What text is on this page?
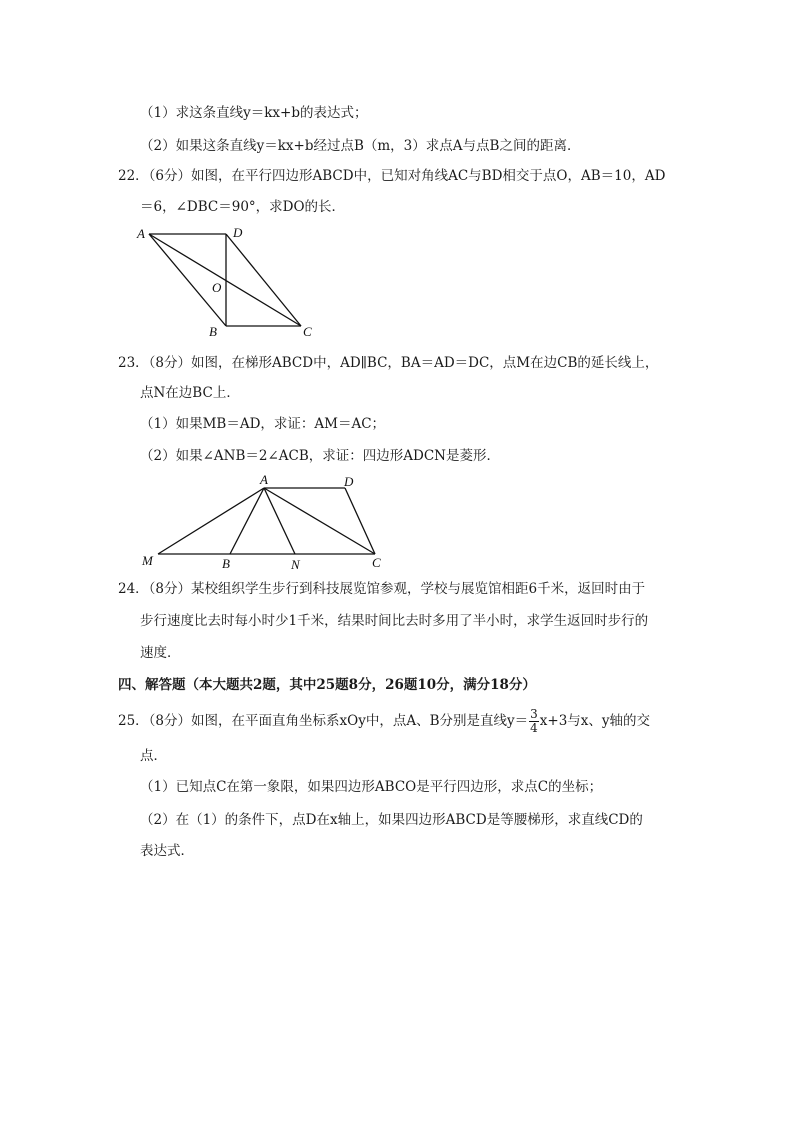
（1）求这条直线y＝kx+b的表达式；
（2）如果这条直线y＝kx+b经过点B（m，3）求点A与点B之间的距离．
22．（6分）如图，在平行四边形ABCD中，已知对角线AC与BD相交于点O，AB＝10，AD
＝6，∠DBC＝90°，求DO的长．
A	D
O
B	C
23．（8分）如图，在梯形ABCD中，AD∥BC，BA＝AD＝DC，点M在边CB的延长线上，
点N在边BC上．
（1）如果MB＝AD，求证：AM＝AC；
（2）如果∠ANB＝2∠ACB，求证：四边形ADCN是菱形．
A	D
M	B	N	C
24．（8分）某校组织学生步行到科技展览馆参观，学校与展览馆相距6千米，返回时由于
步行速度比去时每小时少1千米，结果时间比去时多用了半小时，求学生返回时步行的
速度．
四、解答题（本大题共2题，其中25题8分，26题10分，满分18分）
25．（8分）如图，在平面直角坐标系xOy中，点A、B分别是直线$y= \frac{3}{4} x+3$与x、y轴的交
点．
（1）已知点C在第一象限，如果四边形ABCO是平行四边形，求点C的坐标；
（2）在（1）的条件下，点D在x轴上，如果四边形ABCD是等腰梯形，求直线CD的
表达式．
